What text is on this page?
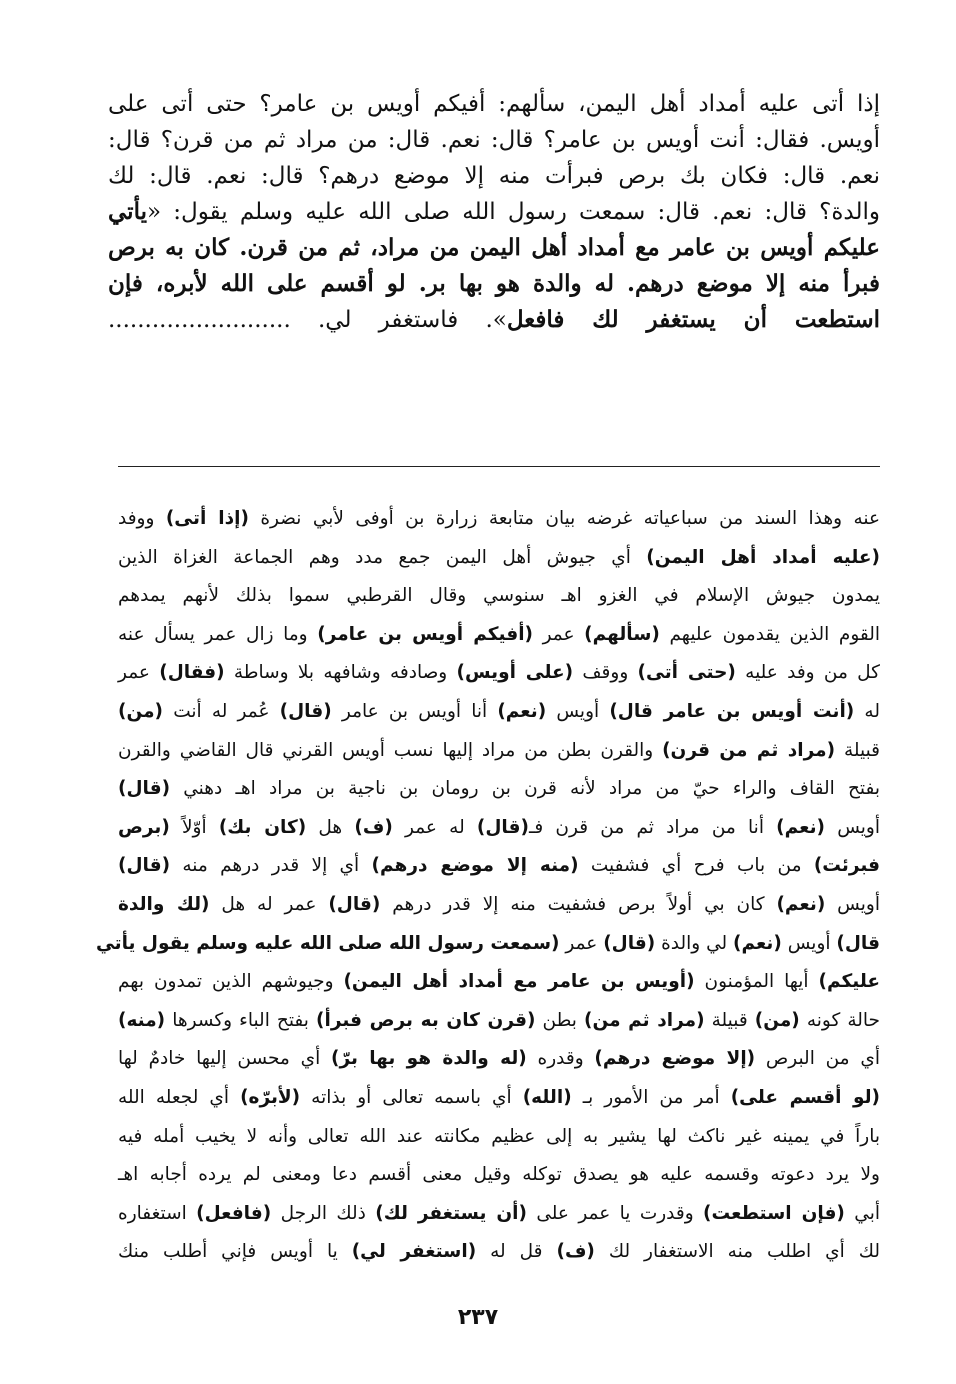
إذا أتى عليه أمداد أهل اليمن، سألهم: أفيكم أويس بن عامر؟ حتى أتى على
أويس. فقال: أنت أويس بن عامر؟ قال: نعم. قال: من مراد ثم من قرن؟ قال:
نعم. قال: فكان بك برص فبرأت منه إلا موضع درهم؟ قال: نعم. قال: لك
والدة؟ قال: نعم. قال: سمعت رسول الله صلى الله عليه وسلم يقول: «يأتي
عليكم أويس بن عامر مع أمداد أهل اليمن من مراد، ثم من قرن. كان به برص
فبرأ منه إلا موضع درهم. له والدة هو بها بر. لو أقسم على الله لأبره، فإن
استطعت أن يستغفر لك فافعل». فاستغفر لي. .........................
عنه وهذا السند من سباعياته غرضه بيان متابعة زرارة بن أوفى لأبي نضرة (إذا أتى) ووفد
(عليه أمداد أهل اليمن) أي جيوش أهل اليمن جمع مدد وهم الجماعة الغزاة الذين
يمدون جيوش الإسلام في الغزو اهـ سنوسي وقال القرطبي سموا بذلك لأنهم يمدهم
القوم الذين يقدمون عليهم (سألهم) عمر (أفيكم أويس بن عامر) وما زال عمر يسأل عنه
كل من وفد عليه (حتى أتى) ووقف (على أويس) وصادفه وشافهه بلا وساطة (فقال) عمر
له (أنت أويس بن عامر قال) أويس (نعم) أنا أويس بن عامر (قال) عُمر له أنت (من)
قبيلة (مراد ثم من قرن) والقرن بطن من مراد إليها نسب أويس القرني قال القاضي والقرن
بفتح القاف والراء حيّ من مراد لأنه قرن بن رومان بن ناجية بن مراد اهـ دهني (قال)
أويس (نعم) أنا من مراد ثم من قرن فـ(قال) له عمر (ف) هل (كان بك) أوّلاً (برص
فبرئت) من باب فرح أي فشفيت (منه إلا موضع درهم) أي إلا قدر درهم منه (قال)
أويس (نعم) كان بي أولاً برص فشفيت منه إلا قدر درهم (قال) عمر له هل (لك والدة
قال) أويس (نعم) لي والدة (قال) عمر (سمعت رسول الله صلى الله عليه وسلم يقول يأتي
عليكم) أيها المؤمنون (أويس بن عامر مع أمداد أهل اليمن) وجيوشهم الذين تمدون بهم
حالة كونه (من) قبيلة (مراد ثم من) بطن (قرن كان به برص فبرأ) بفتح الباء وكسرها (منه)
أي من البرص (إلا موضع درهم) وقدره (له والدة هو بها برّ) أي محسن إليها خادمٌ لها
(لو أقسم على) أمر من الأمور بـ (الله) أي باسمه تعالى أو بذاته (لأبرّه) أي لجعله الله
باراً في يمينه غير ناكث لها يشير به إلى عظيم مكانته عند الله تعالى وأنه لا يخيب أمله فيه
ولا يرد دعوته وقسمه عليه هو يصدق توكله وقيل معنى أقسم دعا ومعنى لم يرده أجابه اهـ
أبي (فإن استطعت) وقدرت يا عمر على (أن يستغفر لك) ذلك الرجل (فافعل) استغفاره
لك أي اطلب منه الاستغفار لك (ف) قل له (استغفر لي) يا أويس فإني أطلب منك
٢٣٧
